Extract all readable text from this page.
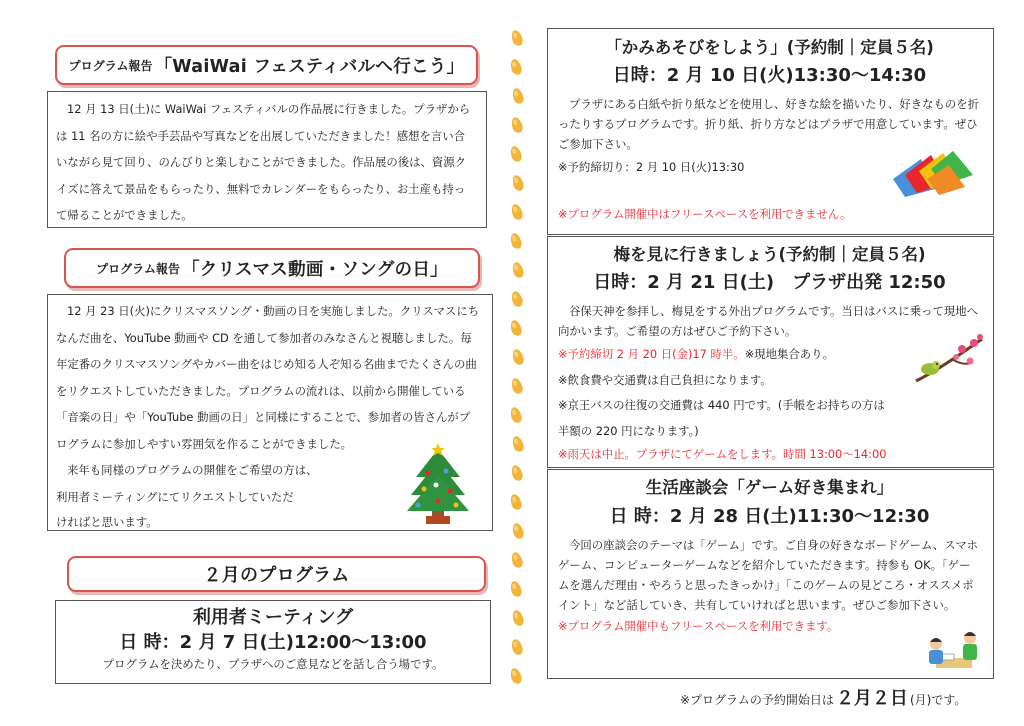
プログラム報告 「WaiWai フェスティバルへ行こう」

12 月 13 日(土)に WaiWai フェスティバルの作品展に行きました。プラザからは 11 名の方に絵や手芸品や写真などを出展していただきました！感想を言い合いながら見て回り、のんびりと楽しむことができました。作品展の後は、資源クイズに答えて景品をもらったり、無料でカレンダーをもらったり、お土産も持って帰ることができました。

プログラム報告 「クリスマス動画・ソングの日」

12 月 23 日(火)にクリスマスソング・動画の日を実施しました。クリスマスにちなんだ曲を、YouTube 動画や CD を通して参加者のみなさんと視聴しました。毎年定番のクリスマスソングやカバー曲をはじめ知る人ぞ知る名曲までたくさんの曲をリクエストしていただきました。プログラムの流れは、以前から開催している「音楽の日」や「YouTube 動画の日」と同様にすることで、参加者の皆さんがプログラムに参加しやすい雰囲気を作ることができました。

来年も同様のプログラムの開催をご希望の方は、

利用者ミーティングにてリクエストしていただ

ければと思います。

２月のプログラム
利用者ミーティング
日 時：2 月 7 日(土)12:00～13:00
プログラムを決めたり、プラザへのご意見などを話し合う場です。
「かみあそびをしよう」(予約制｜定員５名)
日時：2 月 10 日(火)13:30～14:30

プラザにある白紙や折り紙などを使用し、好きな絵を描いたり、好きなものを折ったりするプログラムです。折り紙、折り方などはプラザで用意しています。ぜひご参加下さい。

※予約締切り：2 月 10 日(火)13:30

※プログラム開催中はフリースペースを利用できません。

梅を見に行きましょう(予約制｜定員５名)
日時：2 月 21 日(土)　プラザ出発 12:50

谷保天神を参拝し、梅見をする外出プログラムです。当日はバスに乗って現地へ向かいます。ご希望の方はぜひご予約下さい。

※予約締切 2 月 20 日(金)17 時半。※現地集合あり。

※飲食費や交通費は自己負担になります。

※京王バスの往復の交通費は 440 円です。(手帳をお持ちの方は

半額の 220 円になります。)

※雨天は中止。プラザにてゲームをします。時間 13:00～14:00

生活座談会「ゲーム好き集まれ」
日 時：2 月 28 日(土)11:30～12:30

今回の座談会のテーマは「ゲーム」です。ご自身の好きなボードゲーム、スマホゲーム、コンピューターゲームなどを紹介していただきます。持参も OK。「ゲームを選んだ理由・やろうと思ったきっかけ」「このゲームの見どころ・オススメポイント」など話していき、共有していければと思います。ぜひご参加下さい。

※プログラム開催中もフリースペースを利用できます。

※プログラムの予約開始日は ２月２日 (月) です。
